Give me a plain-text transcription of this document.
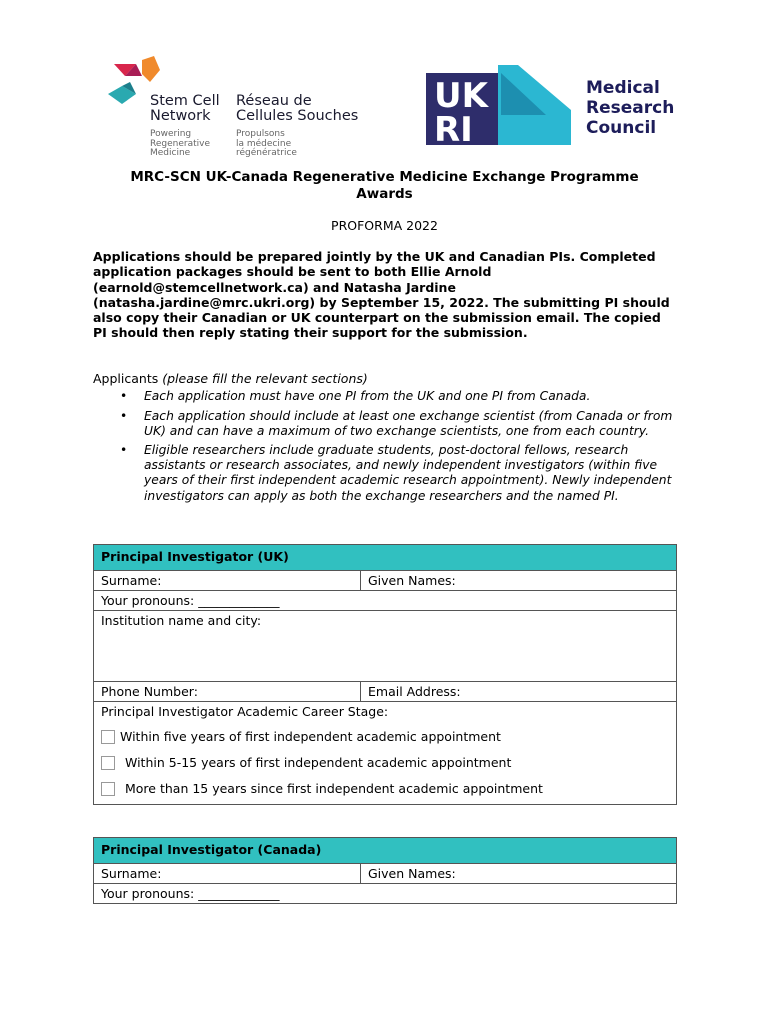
Stem Cell
Network
Réseau de
Cellules Souches
Powering
Regenerative
Medicine
Propulsons
la médecine
régénératrice
UK
RI
Medical
Research
Council
MRC-SCN UK-Canada Regenerative Medicine Exchange Programme
Awards
PROFORMA 2022
Applications should be prepared jointly by the UK and Canadian PIs. Completed application packages should be sent to both Ellie Arnold (earnold@stemcellnetwork.ca) and Natasha Jardine (natasha.jardine@mrc.ukri.org) by September 15, 2022. The submitting PI should also copy their Canadian or UK counterpart on the submission email. The copied PI should then reply stating their support for the submission.
Applicants (please fill the relevant sections)
• Each application must have one PI from the UK and one PI from Canada.
• Each application should include at least one exchange scientist (from Canada or from UK) and can have a maximum of two exchange scientists, one from each country.
• Eligible researchers include graduate students, post-doctoral fellows, research assistants or research associates, and newly independent investigators (within five years of their first independent academic research appointment). Newly independent investigators can apply as both the exchange researchers and the named PI.
Principal Investigator (UK)	
Surname:	Given Names:
Your pronouns: _____________	
Institution name and city:	
Phone Number:	Email Address:

Principal Investigator Academic Career Stage:
Within five years of first independent academic appointment
Within 5-15 years of first independent academic appointment
More than 15 years since first independent academic appointment	
Principal Investigator (Canada)
Surname:	Given Names:
Your pronouns: _____________
